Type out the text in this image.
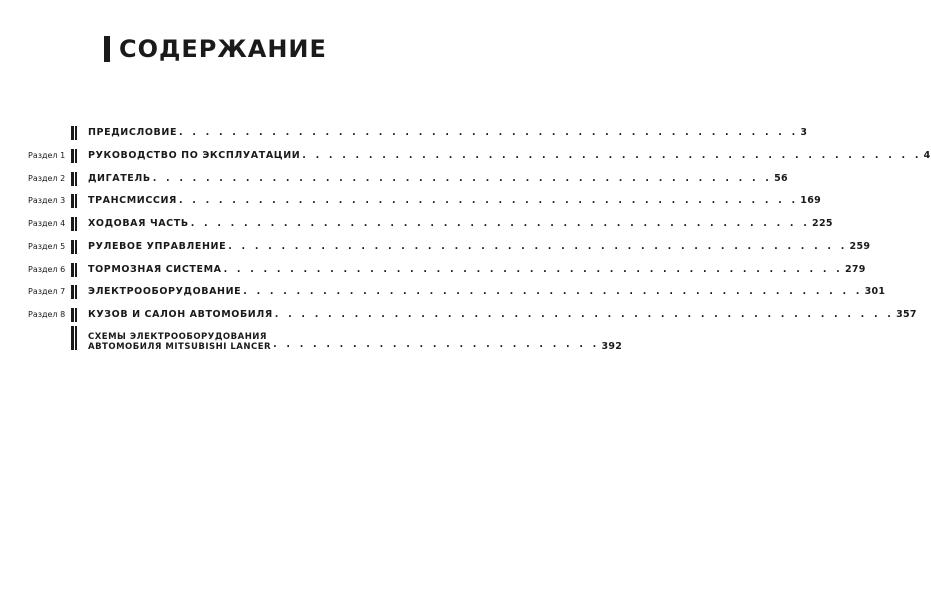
СОДЕРЖАНИЕ
ПРЕДИСЛОВИЕ . . . . . . . . . . . . . . . . . . . . . . . . . . . . . . . . . . . . . . . . . . . . . . . 3
Раздел 1 РУКОВОДСТВО ПО ЭКСПЛУАТАЦИИ . . . . . . . . . . . . . . . . . . . . . . . . . . . . . . . . . . . . . . . . . . . . . . . 4
Раздел 2 ДИГАТЕЛЬ . . . . . . . . . . . . . . . . . . . . . . . . . . . . . . . . . . . . . . . . . . . . . . . 56
Раздел 3 ТРАНСМИССИЯ . . . . . . . . . . . . . . . . . . . . . . . . . . . . . . . . . . . . . . . . . . . . . . . 169
Раздел 4 ХОДОВАЯ ЧАСТЬ . . . . . . . . . . . . . . . . . . . . . . . . . . . . . . . . . . . . . . . . . . . . . . . 225
Раздел 5 РУЛЕВОЕ УПРАВЛЕНИЕ . . . . . . . . . . . . . . . . . . . . . . . . . . . . . . . . . . . . . . . . . . . . . . . 259
Раздел 6 ТОРМОЗНАЯ СИСТЕМА . . . . . . . . . . . . . . . . . . . . . . . . . . . . . . . . . . . . . . . . . . . . . . . 279
Раздел 7 ЭЛЕКТРООБОРУДОВАНИЕ . . . . . . . . . . . . . . . . . . . . . . . . . . . . . . . . . . . . . . . . . . . . . . . 301
Раздел 8 КУЗОВ И САЛОН АВТОМОБИЛЯ . . . . . . . . . . . . . . . . . . . . . . . . . . . . . . . . . . . . . . . . . . . . . . . 357
СХЕМЫ ЭЛЕКТРООБОРУДОВАНИЯ
АВТОМОБИЛЯ MITSUBISHI LANCER . . . . . . . . . . . . . . . . . . . . . . . . . 392
